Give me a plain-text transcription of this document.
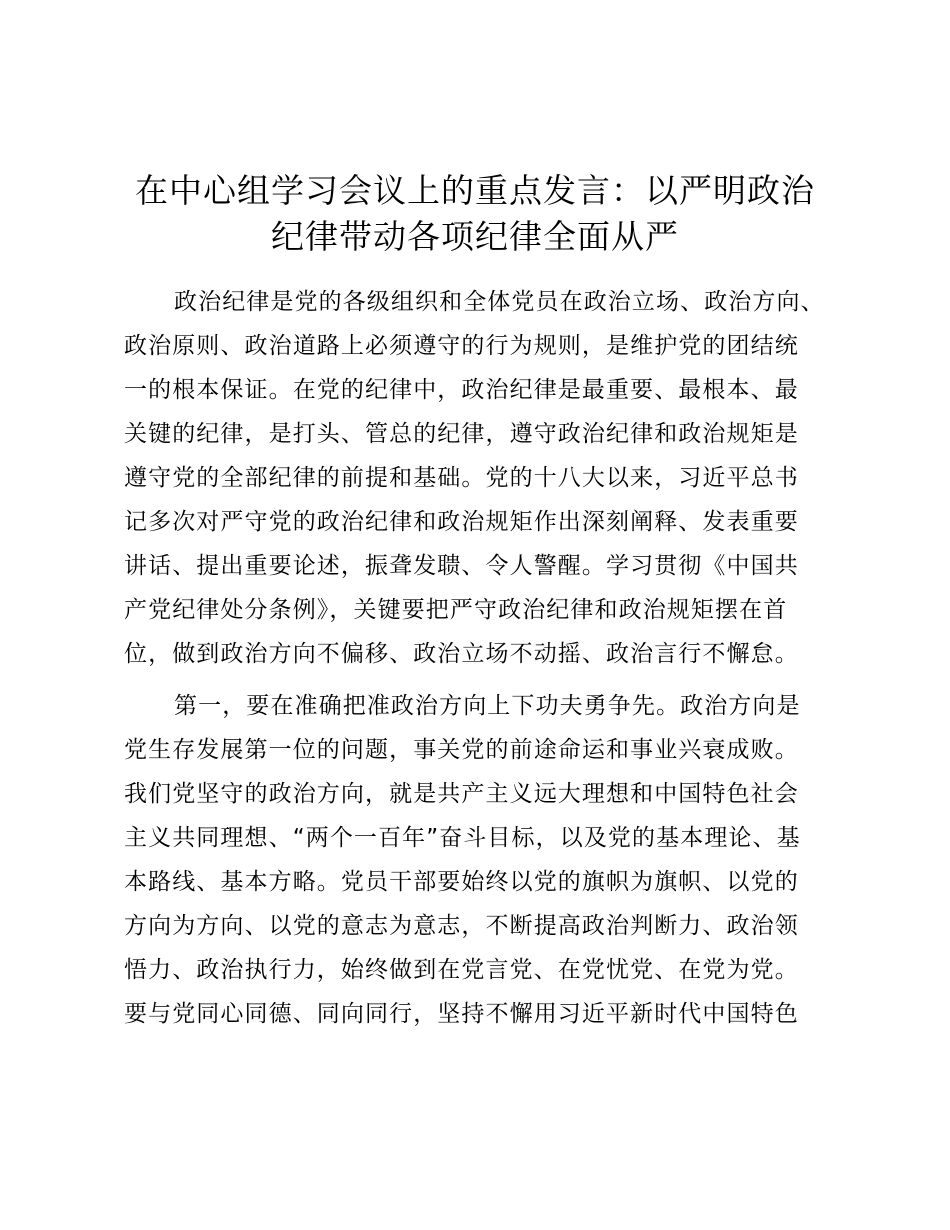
在中心组学习会议上的重点发言：以严明政治
纪律带动各项纪律全面从严

政治纪律是党的各级组织和全体党员在政治立场、政治方向、
政治原则、政治道路上必须遵守的行为规则，是维护党的团结统
一的根本保证。在党的纪律中，政治纪律是最重要、最根本、最
关键的纪律，是打头、管总的纪律，遵守政治纪律和政治规矩是
遵守党的全部纪律的前提和基础。党的十八大以来，习近平总书
记多次对严守党的政治纪律和政治规矩作出深刻阐释、发表重要
讲话、提出重要论述，振聋发聩、令人警醒。学习贯彻《中国共
产党纪律处分条例》，关键要把严守政治纪律和政治规矩摆在首
位，做到政治方向不偏移、政治立场不动摇、政治言行不懈怠。

第一，要在准确把准政治方向上下功夫勇争先。政治方向是
党生存发展第一位的问题，事关党的前途命运和事业兴衰成败。
我们党坚守的政治方向，就是共产主义远大理想和中国特色社会
主义共同理想、“两个一百年”奋斗目标，以及党的基本理论、基
本路线、基本方略。党员干部要始终以党的旗帜为旗帜、以党的
方向为方向、以党的意志为意志，不断提高政治判断力、政治领
悟力、政治执行力，始终做到在党言党、在党忧党、在党为党。
要与党同心同德、同向同行，坚持不懈用习近平新时代中国特色
